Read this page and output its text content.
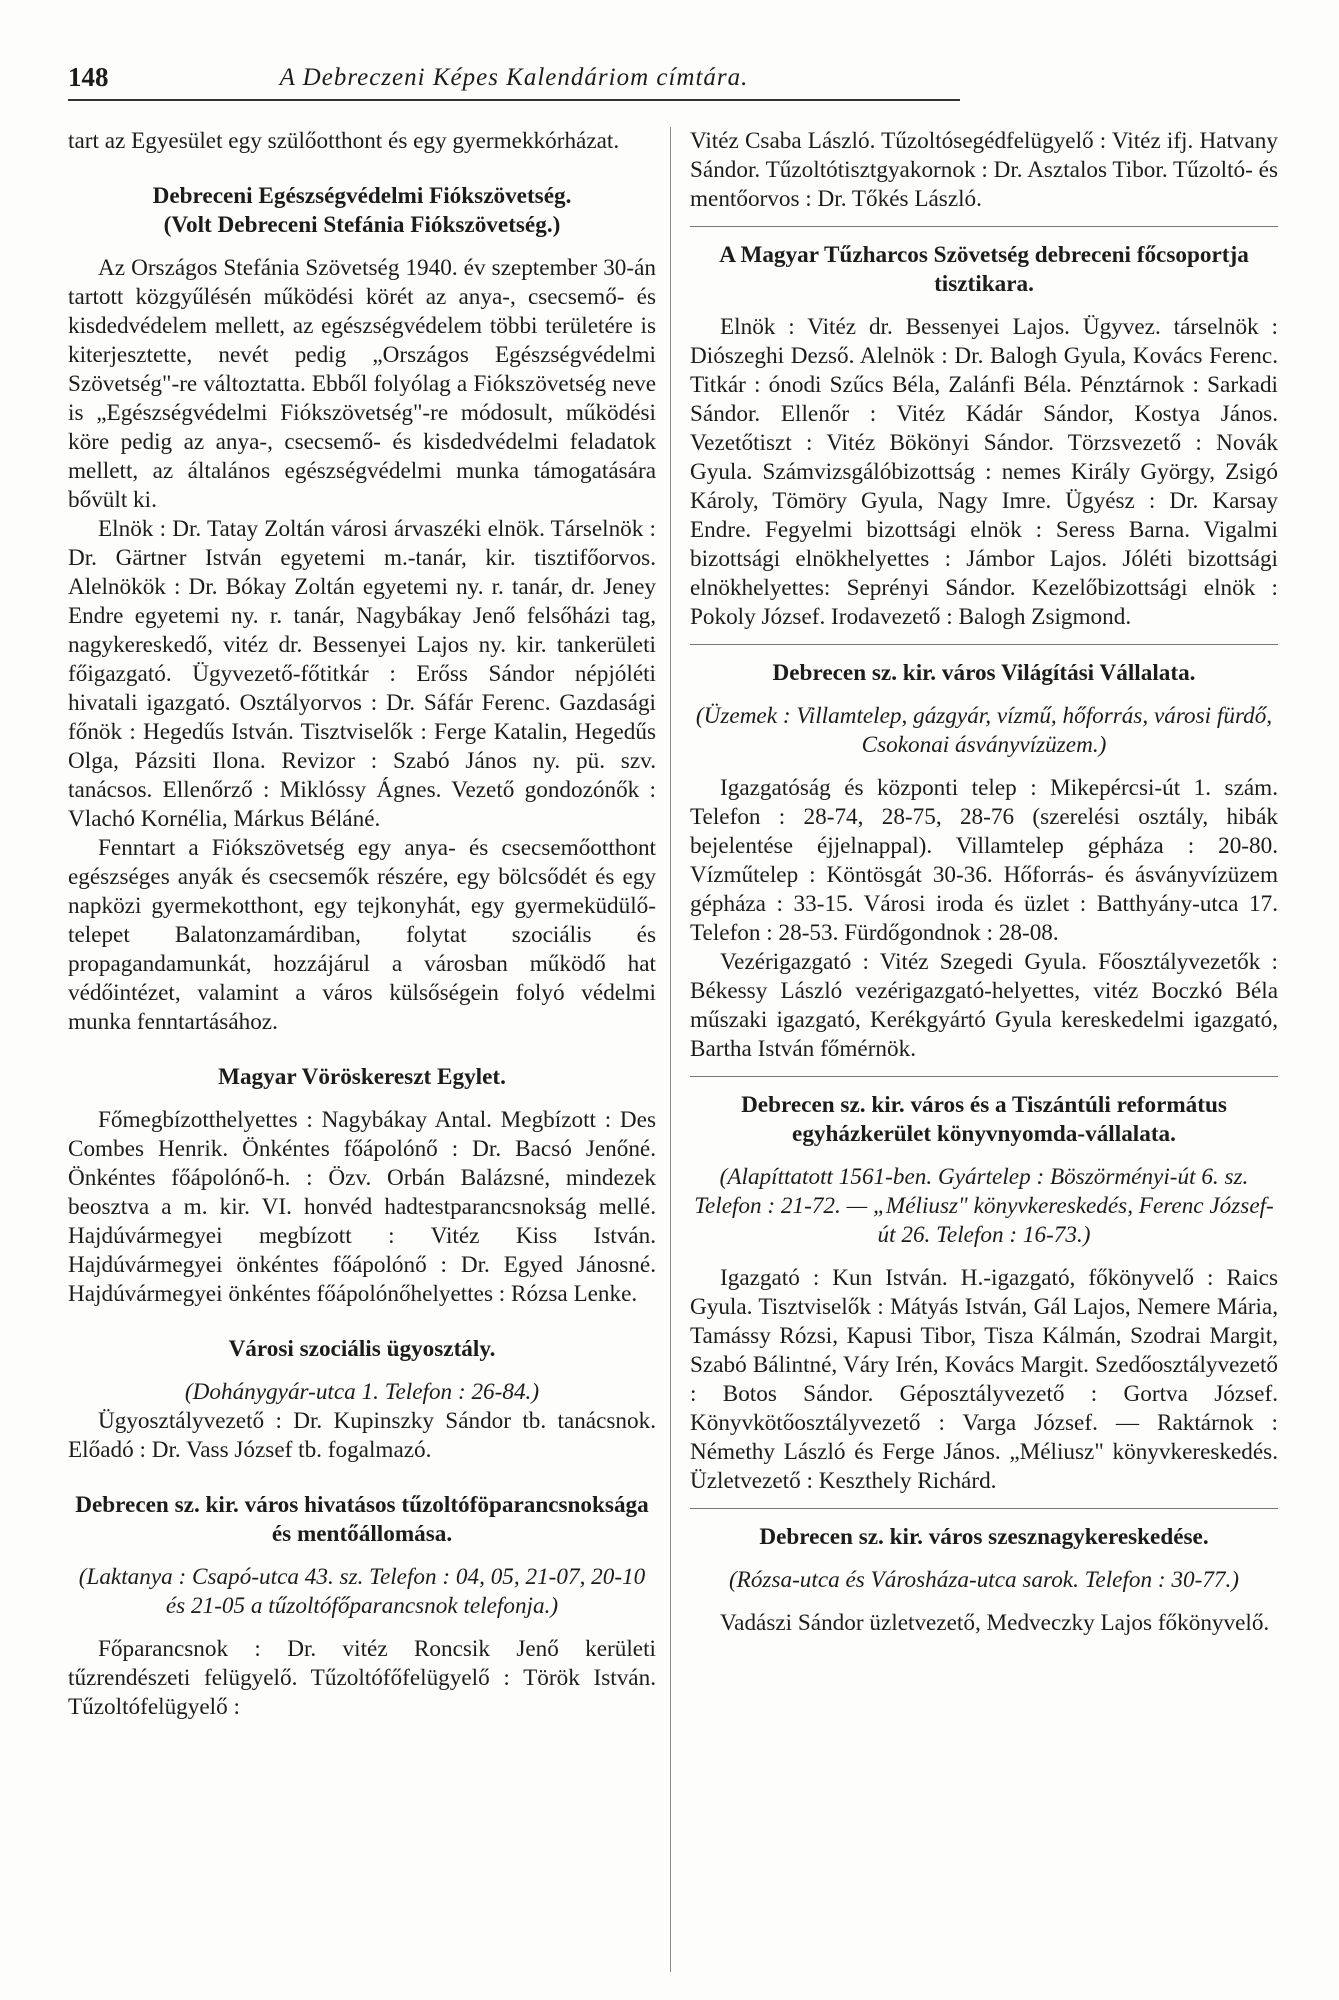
148	A Debreczeni Képes Kalendáriom címtára.

tart az Egyesület egy szülőotthont és egy gyermekkórházat.

Debreceni Egészségvédelmi Fiókszövetség.

(Volt Debreceni Stefánia Fiókszövetség.)

Az Országos Stefánia Szövetség 1940. év szeptember 30-án tartott közgyűlésén működési körét az anya-, csecsemő- és kisdedvédelem mellett, az egészségvédelem többi területére is kiterjesztette, nevét pedig „Országos Egészségvédelmi Szövetség"-re változtatta. Ebből folyólag a Fiókszövetség neve is „Egészségvédelmi Fiókszövetség"-re módosult, működési köre pedig az anya-, csecsemő- és kisdedvédelmi feladatok mellett, az általános egészségvédelmi munka támogatására bővült ki.

Elnök : Dr. Tatay Zoltán városi árvaszéki elnök. Társelnök : Dr. Gärtner István egyetemi m.-tanár, kir. tisztifőorvos. Alelnökök : Dr. Bókay Zoltán egyetemi ny. r. tanár, dr. Jeney Endre egyetemi ny. r. tanár, Nagybákay Jenő felsőházi tag, nagykereskedő, vitéz dr. Bessenyei Lajos ny. kir. tankerületi főigazgató. Ügyvezető-főtitkár : Erőss Sándor népjóléti hivatali igazgató. Osztályorvos : Dr. Sáfár Ferenc. Gazdasági főnök : Hegedűs István. Tisztviselők : Ferge Katalin, Hegedűs Olga, Pázsiti Ilona. Revizor : Szabó János ny. pü. szv. tanácsos. Ellenőrző : Miklóssy Ágnes. Vezető gondozónők : Vlachó Kornélia, Márkus Béláné.

Fenntart a Fiókszövetség egy anya- és csecsemőotthont egészséges anyák és csecsemők részére, egy bölcsődét és egy napközi gyermekotthont, egy tejkonyhát, egy gyermeküdülő-telepet Balatonzamárdiban, folytat szociális és propagandamunkát, hozzájárul a városban működő hat védőintézet, valamint a város külsőségein folyó védelmi munka fenntartásához.

Magyar Vöröskereszt Egylet.

Főmegbízotthelyettes : Nagybákay Antal. Megbízott : Des Combes Henrik. Önkéntes főápolónő : Dr. Bacsó Jenőné. Önkéntes főápolónő-h. : Özv. Orbán Balázsné, mindezek beosztva a m. kir. VI. honvéd hadtestparancsnokság mellé. Hajdúvármegyei megbízott : Vitéz Kiss István. Hajdúvármegyei önkéntes főápolónő : Dr. Egyed Jánosné. Hajdúvármegyei önkéntes főápolónőhelyettes : Rózsa Lenke.

Városi szociális ügyosztály.

(Dohánygyár-utca 1. Telefon : 26-84.)

Ügyosztályvezető : Dr. Kupinszky Sándor tb. tanácsnok. Előadó : Dr. Vass József tb. fogalmazó.

Debrecen sz. kir. város hivatásos tűzoltóföparancsnoksága és mentőállomása.

(Laktanya : Csapó-utca 43. sz. Telefon : 04, 05, 21-07, 20-10 és 21-05 a tűzoltófőparancsnok telefonja.)

Főparancsnok : Dr. vitéz Roncsik Jenő kerületi tűzrendészeti felügyelő. Tűzoltófőfelügyelő : Török István. Tűzoltófelügyelő :

Vitéz Csaba László. Tűzoltósegédfelügyelő : Vitéz ifj. Hatvany Sándor. Tűzoltótisztgyakornok : Dr. Asztalos Tibor. Tűzoltó- és mentőorvos : Dr. Tőkés László.

A Magyar Tűzharcos Szövetség debreceni főcsoportja tisztikara.

Elnök : Vitéz dr. Bessenyei Lajos. Ügyvez. társelnök : Diószeghi Dezső. Alelnök : Dr. Balogh Gyula, Kovács Ferenc. Titkár : ónodi Szűcs Béla, Zalánfi Béla. Pénztárnok : Sarkadi Sándor. Ellenőr : Vitéz Kádár Sándor, Kostya János. Vezetőtiszt : Vitéz Bökönyi Sándor. Törzsvezető : Novák Gyula. Számvizsgálóbizottság : nemes Király György, Zsigó Károly, Tömöry Gyula, Nagy Imre. Ügyész : Dr. Karsay Endre. Fegyelmi bizottsági elnök : Seress Barna. Vigalmi bizottsági elnökhelyettes : Jámbor Lajos. Jóléti bizottsági elnökhelyettes: Seprényi Sándor. Kezelőbizottsági elnök : Pokoly József. Irodavezető : Balogh Zsigmond.

Debrecen sz. kir. város Világítási Vállalata.

(Üzemek : Villamtelep, gázgyár, vízmű, hőforrás, városi fürdő, Csokonai ásványvízüzem.)

Igazgatóság és központi telep : Mikepércsi-út 1. szám. Telefon : 28-74, 28-75, 28-76 (szerelési osztály, hibák bejelentése éjjelnappal). Villamtelep gépháza : 20-80. Vízműtelep : Köntösgát 30-36. Hőforrás- és ásványvízüzem gépháza : 33-15. Városi iroda és üzlet : Batthyány-utca 17. Telefon : 28-53. Fürdőgondnok : 28-08.

Vezérigazgató : Vitéz Szegedi Gyula. Főosztályvezetők : Békessy László vezérigazgató-helyettes, vitéz Boczkó Béla műszaki igazgató, Kerékgyártó Gyula kereskedelmi igazgató, Bartha István főmérnök.

Debrecen sz. kir. város és a Tiszántúli református egyházkerület könyvnyomda-vállalata.

(Alapíttatott 1561-ben. Gyártelep : Böszörményi-út 6. sz. Telefon : 21-72. — „Méliusz" könyvkereskedés, Ferenc József-út 26. Telefon : 16-73.)

Igazgató : Kun István. H.-igazgató, főkönyvelő : Raics Gyula. Tisztviselők : Mátyás István, Gál Lajos, Nemere Mária, Tamássy Rózsi, Kapusi Tibor, Tisza Kálmán, Szodrai Margit, Szabó Bálintné, Váry Irén, Kovács Margit. Szedőosztályvezető : Botos Sándor. Géposztályvezető : Gortva József. Könyvkötőosztályvezető : Varga József. — Raktárnok : Némethy László és Ferge János. „Méliusz" könyvkereskedés. Üzletvezető : Keszthely Richárd.

Debrecen sz. kir. város szesznagykereskedése.

(Rózsa-utca és Városháza-utca sarok. Telefon : 30-77.)

Vadászi Sándor üzletvezető, Medveczky Lajos főkönyvelő.
